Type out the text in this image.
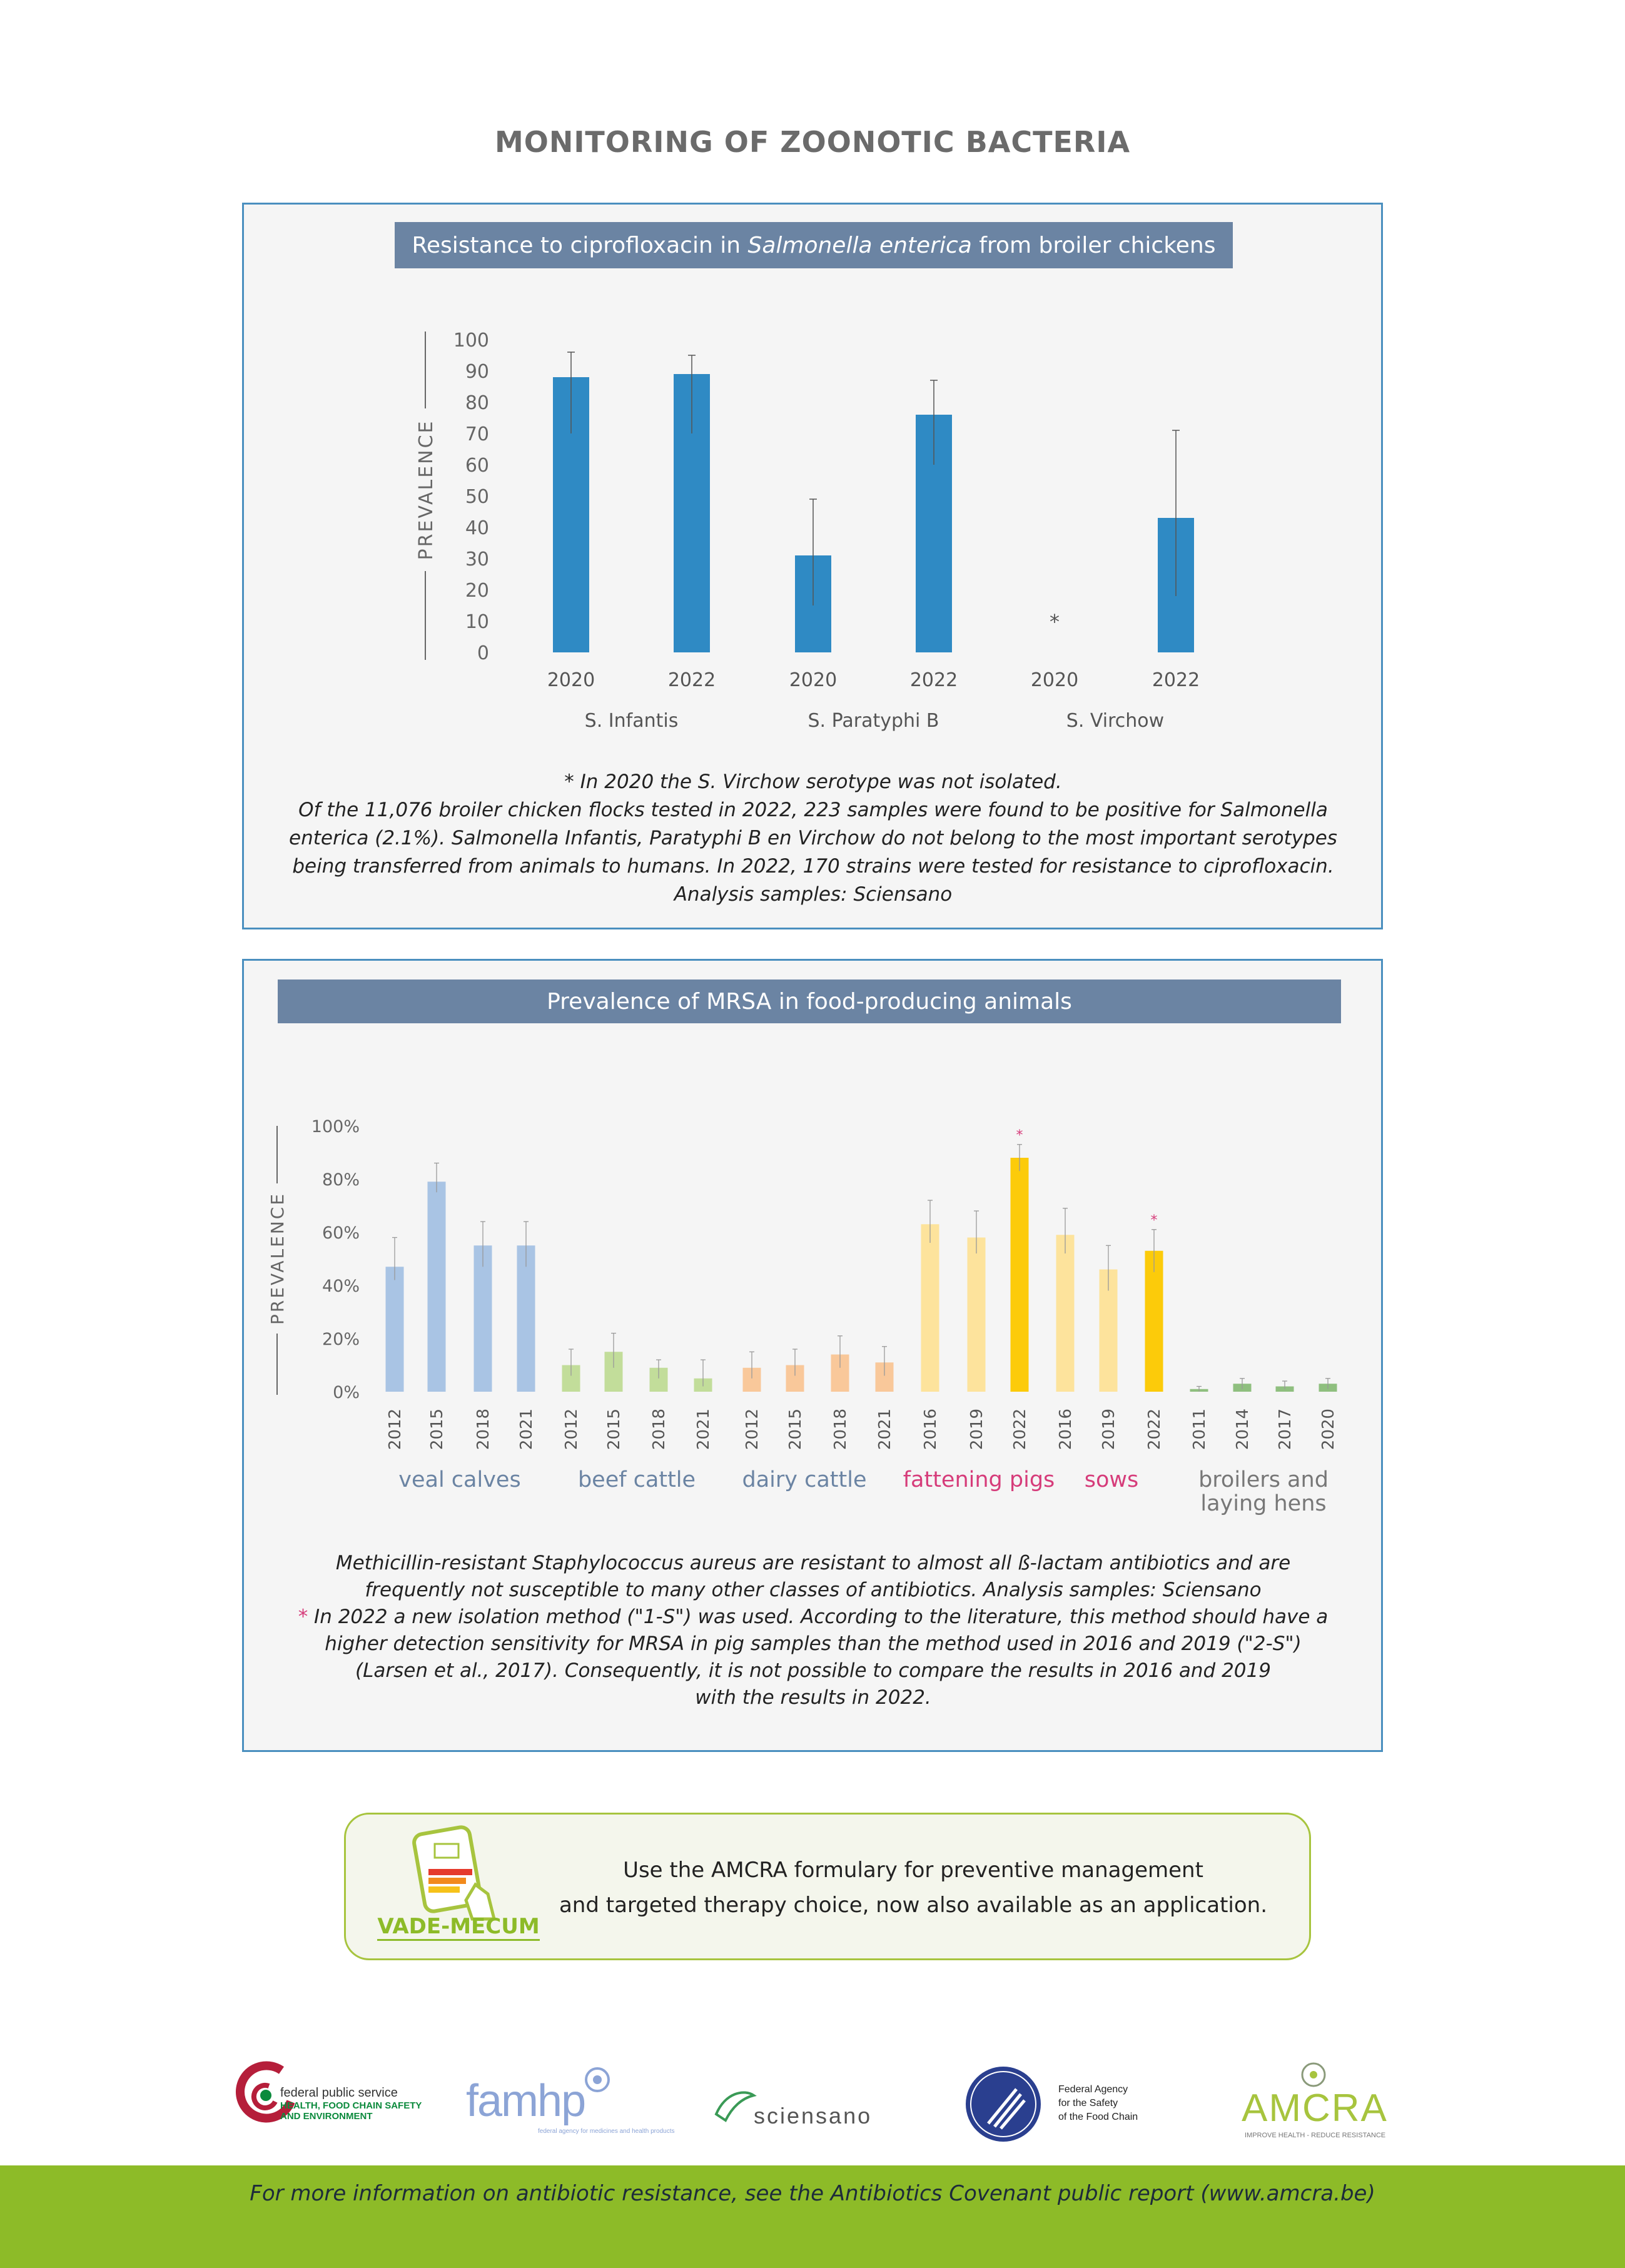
MONITORING OF ZOONOTIC BACTERIA
Resistance to ciprofloxacin in Salmonella enterica from broiler chickens
0
10
20
30
40
50
60
70
80
90
100
PREVALENCE
2020	2022	2020	2022	2020	2022
*
S. Infantis	S. Paratyphi B	S. Virchow
* In 2020 the S. Virchow serotype was not isolated.
Of the 11,076 broiler chicken flocks tested in 2022, 223 samples were found to be positive for Salmonella
enterica (2.1%). Salmonella Infantis, Paratyphi B en Virchow do not belong to the most important serotypes
being transferred from animals to humans. In 2022, 170 strains were tested for resistance to ciprofloxacin.
Analysis samples: Sciensano
Prevalence of MRSA in food-producing animals
0%
20%
40%
60%
80%
100%
PREVALENCE
2012 2015 2018 2021 2012 2015 2018 2021 2012 2015 2018 2021 2016 2019
*
2022 2016 2019
*
2022 2011 2014 2017 2020
veal calves	beef cattle dairy cattle fattening pigs sows	broilers and
laying hens
Methicillin-resistant Staphylococcus aureus are resistant to almost all ß-lactam antibiotics and are
frequently not susceptible to many other classes of antibiotics. Analysis samples: Sciensano
* In 2022 a new isolation method ("1-S") was used. According to the literature, this method should have a
higher detection sensitivity for MRSA in pig samples than the method used in 2016 and 2019 ("2-S")
(Larsen et al., 2017). Consequently, it is not possible to compare the results in 2016 and 2019
with the results in 2022.
VADE-MECUM
Use the AMCRA formulary for preventive management
and targeted therapy choice, now also available as an application.
federal public service
HEALTH, FOOD CHAIN SAFETY
AND ENVIRONMENT	famhp
federal agency for medicines and health products
sciensano
Federal Agency
for the Safety
of the Food Chain	AMCRA
IMPROVE HEALTH - REDUCE RESISTANCE
For more information on antibiotic resistance, see the Antibiotics Covenant public report (www.amcra.be)
